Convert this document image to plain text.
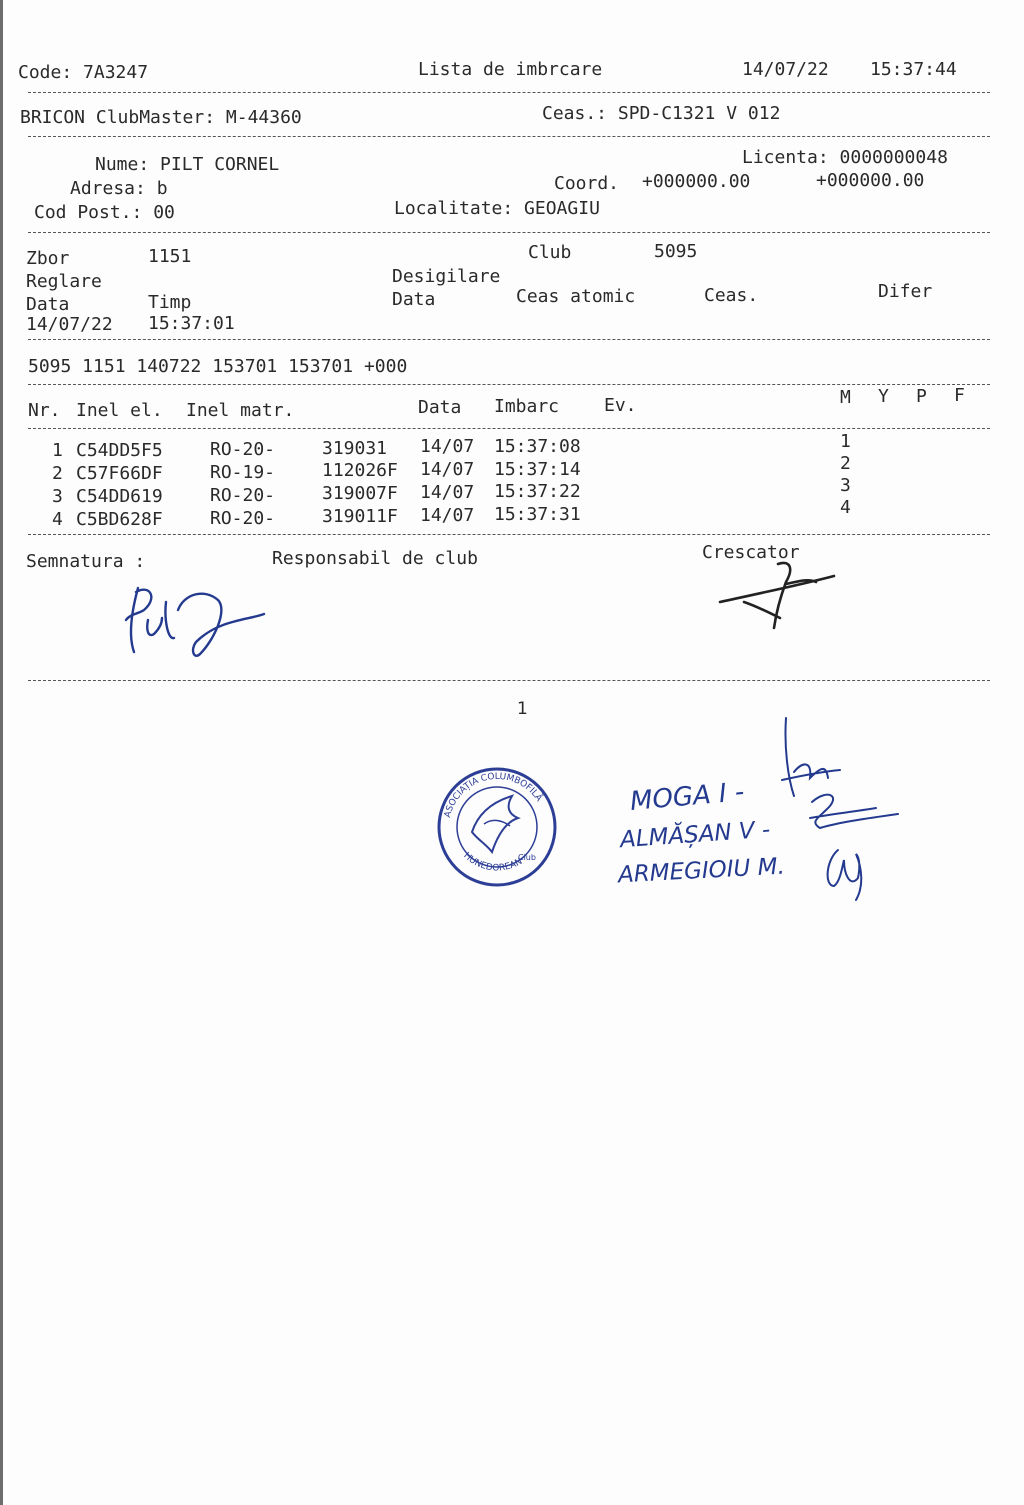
Code: 7A3247	Lista de imbrcare	14/07/22 15:37:44
BRICON ClubMaster: M-44360	Ceas.: SPD-C1321 V 012
Nume: PILT CORNEL
Adresa: b
Cod Post.: 00
Licenta: 0000000048
Coord. +000000.00	+000000.00
Localitate: GEOAGIU
Zbor	1151	Club	5095
Reglare	Desigilare
Data	Timp	Data	Ceas atomic	Ceas.	Difer
14/07/22 15:37:01
5095 1151 140722 153701 153701 +000
Nr. Inel el. Inel matr.	Data Imbarc Ev.	M Y P F
1 C54DD5F5	RO-20-	319031 14/07 15:37:08	1
2 C57F66DF	RO-19-	112026F 14/07 15:37:14	2
3 C54DD619	RO-20-	319007F 14/07 15:37:22	3
4 C5BD628F	RO-20-	319011F 14/07 15:37:31	4
Semnatura :	Responsabil de club	Crescator
1
ASOCIAȚIA COLUMBOFILĂ
HUNEDOREAN
Club
MOGA I -
ALMĂȘAN V -
ARMEGIOIU M.
